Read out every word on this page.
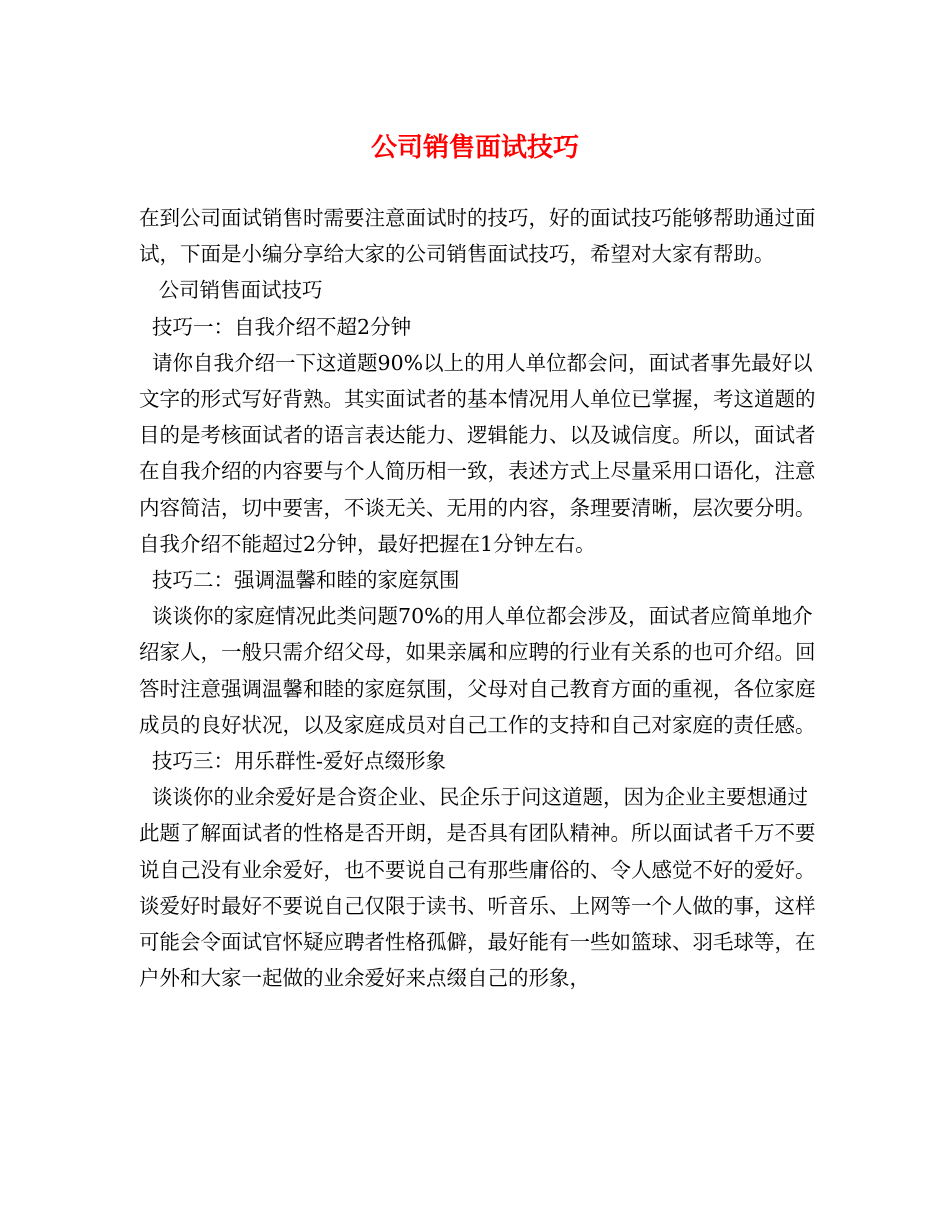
公司销售面试技巧

在到公司面试销售时需要注意面试时的技巧，好的面试技巧能够帮助通过面试，下面是小编分享给大家的公司销售面试技巧，希望对大家有帮助。

公司销售面试技巧

技巧一：自我介绍不超2分钟

请你自我介绍一下这道题90%以上的用人单位都会问，面试者事先最好以文字的形式写好背熟。其实面试者的基本情况用人单位已掌握，考这道题的目的是考核面试者的语言表达能力、逻辑能力、以及诚信度。所以，面试者在自我介绍的内容要与个人简历相一致，表述方式上尽量采用口语化，注意内容简洁，切中要害，不谈无关、无用的内容，条理要清晰，层次要分明。自我介绍不能超过2分钟，最好把握在1分钟左右。

技巧二：强调温馨和睦的家庭氛围

谈谈你的家庭情况此类问题70%的用人单位都会涉及，面试者应简单地介绍家人，一般只需介绍父母，如果亲属和应聘的行业有关系的也可介绍。回答时注意强调温馨和睦的家庭氛围，父母对自己教育方面的重视，各位家庭成员的良好状况，以及家庭成员对自己工作的支持和自己对家庭的责任感。

技巧三：用乐群性-爱好点缀形象

谈谈你的业余爱好是合资企业、民企乐于问这道题，因为企业主要想通过此题了解面试者的性格是否开朗，是否具有团队精神。所以面试者千万不要说自己没有业余爱好，也不要说自己有那些庸俗的、令人感觉不好的爱好。谈爱好时最好不要说自己仅限于读书、听音乐、上网等一个人做的事，这样可能会令面试官怀疑应聘者性格孤僻，最好能有一些如篮球、羽毛球等，在户外和大家一起做的业余爱好来点缀自己的形象，
